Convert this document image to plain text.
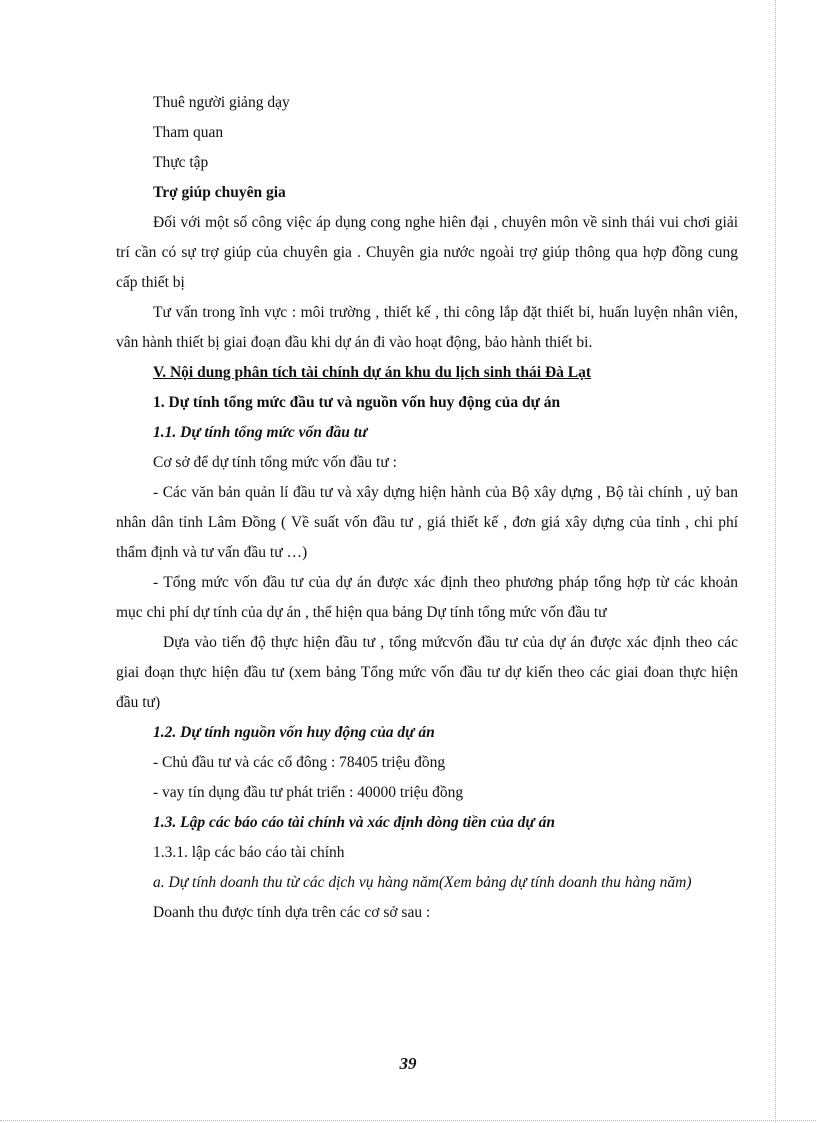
Thuê người giảng dạy

Tham quan

Thực tập

Trợ giúp chuyên gia

Đối với một số công việc áp dụng cong nghe hiên đại , chuyên môn về sinh thái vui chơi giải trí cần có sự trợ giúp của chuyên gia . Chuyên gia nước ngoài trợ giúp thông qua hợp đồng cung cấp thiết bị

Tư vấn trong ĩnh vực : môi trường , thiết kế , thi công lắp đặt thiết bi, huấn luyện nhân viên, vân hành thiết bị giai đoạn đầu khi dự án đi vào hoạt động, bảo hành thiết bi.

V. Nội dung phân tích tài chính dự án khu du lịch sinh thái Đà Lạt

1. Dự tính tổng mức đầu tư và nguồn vốn huy động của dự án

1.1. Dự tính tổng mức vốn đầu tư

Cơ sở để dự tính tổng mức vốn đầu tư :

- Các văn bản quản lí đầu tư và xây dựng hiện hành của Bộ xây dựng , Bộ tài chính , uỷ ban nhân dân tỉnh Lâm Đồng ( Về suất vốn đầu tư , giá thiết kế , đơn giá xây dựng của tỉnh , chi phí thẩm định và tư vấn đầu tư …)

- Tổng mức vốn đầu tư của dự án được xác định theo phương pháp tổng hợp từ các khoản mục chi phí dự tính của dự án , thể hiện qua bảng Dự tính tổng mức vốn đầu tư

Dựa vào tiến độ thực hiện đầu tư , tổng mứcvốn đầu tư của dự án được xác định theo các giai đoạn thực hiện đầu tư (xem bảng Tổng mức vốn đầu tư dự kiến theo các giai đoan thực hiện đầu tư)

1.2. Dự tính nguồn vốn huy động của dự án

- Chủ đầu tư và các cổ đông : 78405 triệu đồng

- vay tín dụng đầu tư phát triển : 40000 triệu đồng

1.3. Lập các báo cáo tài chính và xác định dòng tiền của dự án

1.3.1. lập các báo cáo tài chính

a. Dự tính doanh thu từ các dịch vụ hàng năm(Xem bảng dự tính doanh thu hàng năm)

Doanh thu được tính dựa trên các cơ sở sau :

39
